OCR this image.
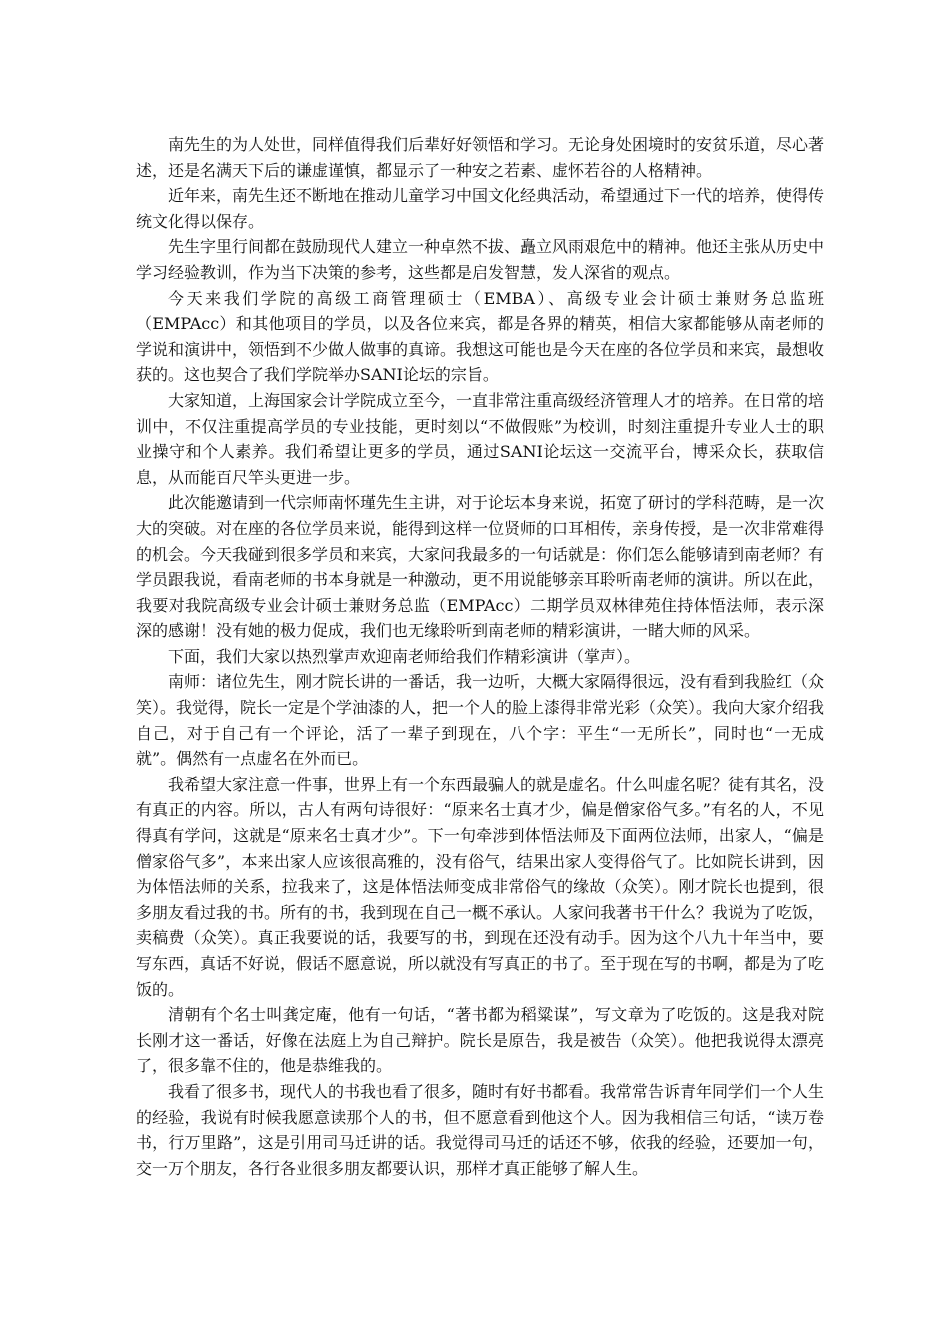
南先生的为人处世，同样值得我们后辈好好领悟和学习。无论身处困境时的安贫乐道，尽心著述，还是名满天下后的谦虚谨慎，都显示了一种安之若素、虚怀若谷的人格精神。

近年来，南先生还不断地在推动儿童学习中国文化经典活动，希望通过下一代的培养，使得传统文化得以保存。

先生字里行间都在鼓励现代人建立一种卓然不拔、矗立风雨艰危中的精神。他还主张从历史中学习经验教训，作为当下决策的参考，这些都是启发智慧，发人深省的观点。

今天来我们学院的高级工商管理硕士（EMBA）、高级专业会计硕士兼财务总监班（EMPAcc）和其他项目的学员，以及各位来宾，都是各界的精英，相信大家都能够从南老师的学说和演讲中，领悟到不少做人做事的真谛。我想这可能也是今天在座的各位学员和来宾，最想收获的。这也契合了我们学院举办SANI论坛的宗旨。

大家知道，上海国家会计学院成立至今，一直非常注重高级经济管理人才的培养。在日常的培训中，不仅注重提高学员的专业技能，更时刻以“不做假账”为校训，时刻注重提升专业人士的职业操守和个人素养。我们希望让更多的学员，通过SANI论坛这一交流平台，博采众长，获取信息，从而能百尺竿头更进一步。

此次能邀请到一代宗师南怀瑾先生主讲，对于论坛本身来说，拓宽了研讨的学科范畴，是一次大的突破。对在座的各位学员来说，能得到这样一位贤师的口耳相传，亲身传授，是一次非常难得的机会。今天我碰到很多学员和来宾，大家问我最多的一句话就是：你们怎么能够请到南老师？有学员跟我说，看南老师的书本身就是一种激动，更不用说能够亲耳聆听南老师的演讲。所以在此，我要对我院高级专业会计硕士兼财务总监（EMPAcc）二期学员双林律苑住持体悟法师，表示深深的感谢！没有她的极力促成，我们也无缘聆听到南老师的精彩演讲，一睹大师的风采。

下面，我们大家以热烈掌声欢迎南老师给我们作精彩演讲（掌声）。

南师：诸位先生，刚才院长讲的一番话，我一边听，大概大家隔得很远，没有看到我脸红（众笑）。我觉得，院长一定是个学油漆的人，把一个人的脸上漆得非常光彩（众笑）。我向大家介绍我自己，对于自己有一个评论，活了一辈子到现在，八个字：平生“一无所长”，同时也“一无成就”。偶然有一点虚名在外而已。

我希望大家注意一件事，世界上有一个东西最骗人的就是虚名。什么叫虚名呢？徒有其名，没有真正的内容。所以，古人有两句诗很好：“原来名士真才少，偏是僧家俗气多。”有名的人，不见得真有学问，这就是“原来名士真才少”。下一句牵涉到体悟法师及下面两位法师，出家人，“偏是僧家俗气多”，本来出家人应该很高雅的，没有俗气，结果出家人变得俗气了。比如院长讲到，因为体悟法师的关系，拉我来了，这是体悟法师变成非常俗气的缘故（众笑）。刚才院长也提到，很多朋友看过我的书。所有的书，我到现在自己一概不承认。人家问我著书干什么？我说为了吃饭，卖稿费（众笑）。真正我要说的话，我要写的书，到现在还没有动手。因为这个八九十年当中，要写东西，真话不好说，假话不愿意说，所以就没有写真正的书了。至于现在写的书啊，都是为了吃饭的。

清朝有个名士叫龚定庵，他有一句话，“著书都为稻粱谋”，写文章为了吃饭的。这是我对院长刚才这一番话，好像在法庭上为自己辩护。院长是原告，我是被告（众笑）。他把我说得太漂亮了，很多靠不住的，他是恭维我的。

我看了很多书，现代人的书我也看了很多，随时有好书都看。我常常告诉青年同学们一个人生的经验，我说有时候我愿意读那个人的书，但不愿意看到他这个人。因为我相信三句话，“读万卷书，行万里路”，这是引用司马迁讲的话。我觉得司马迁的话还不够，依我的经验，还要加一句，交一万个朋友，各行各业很多朋友都要认识，那样才真正能够了解人生。
